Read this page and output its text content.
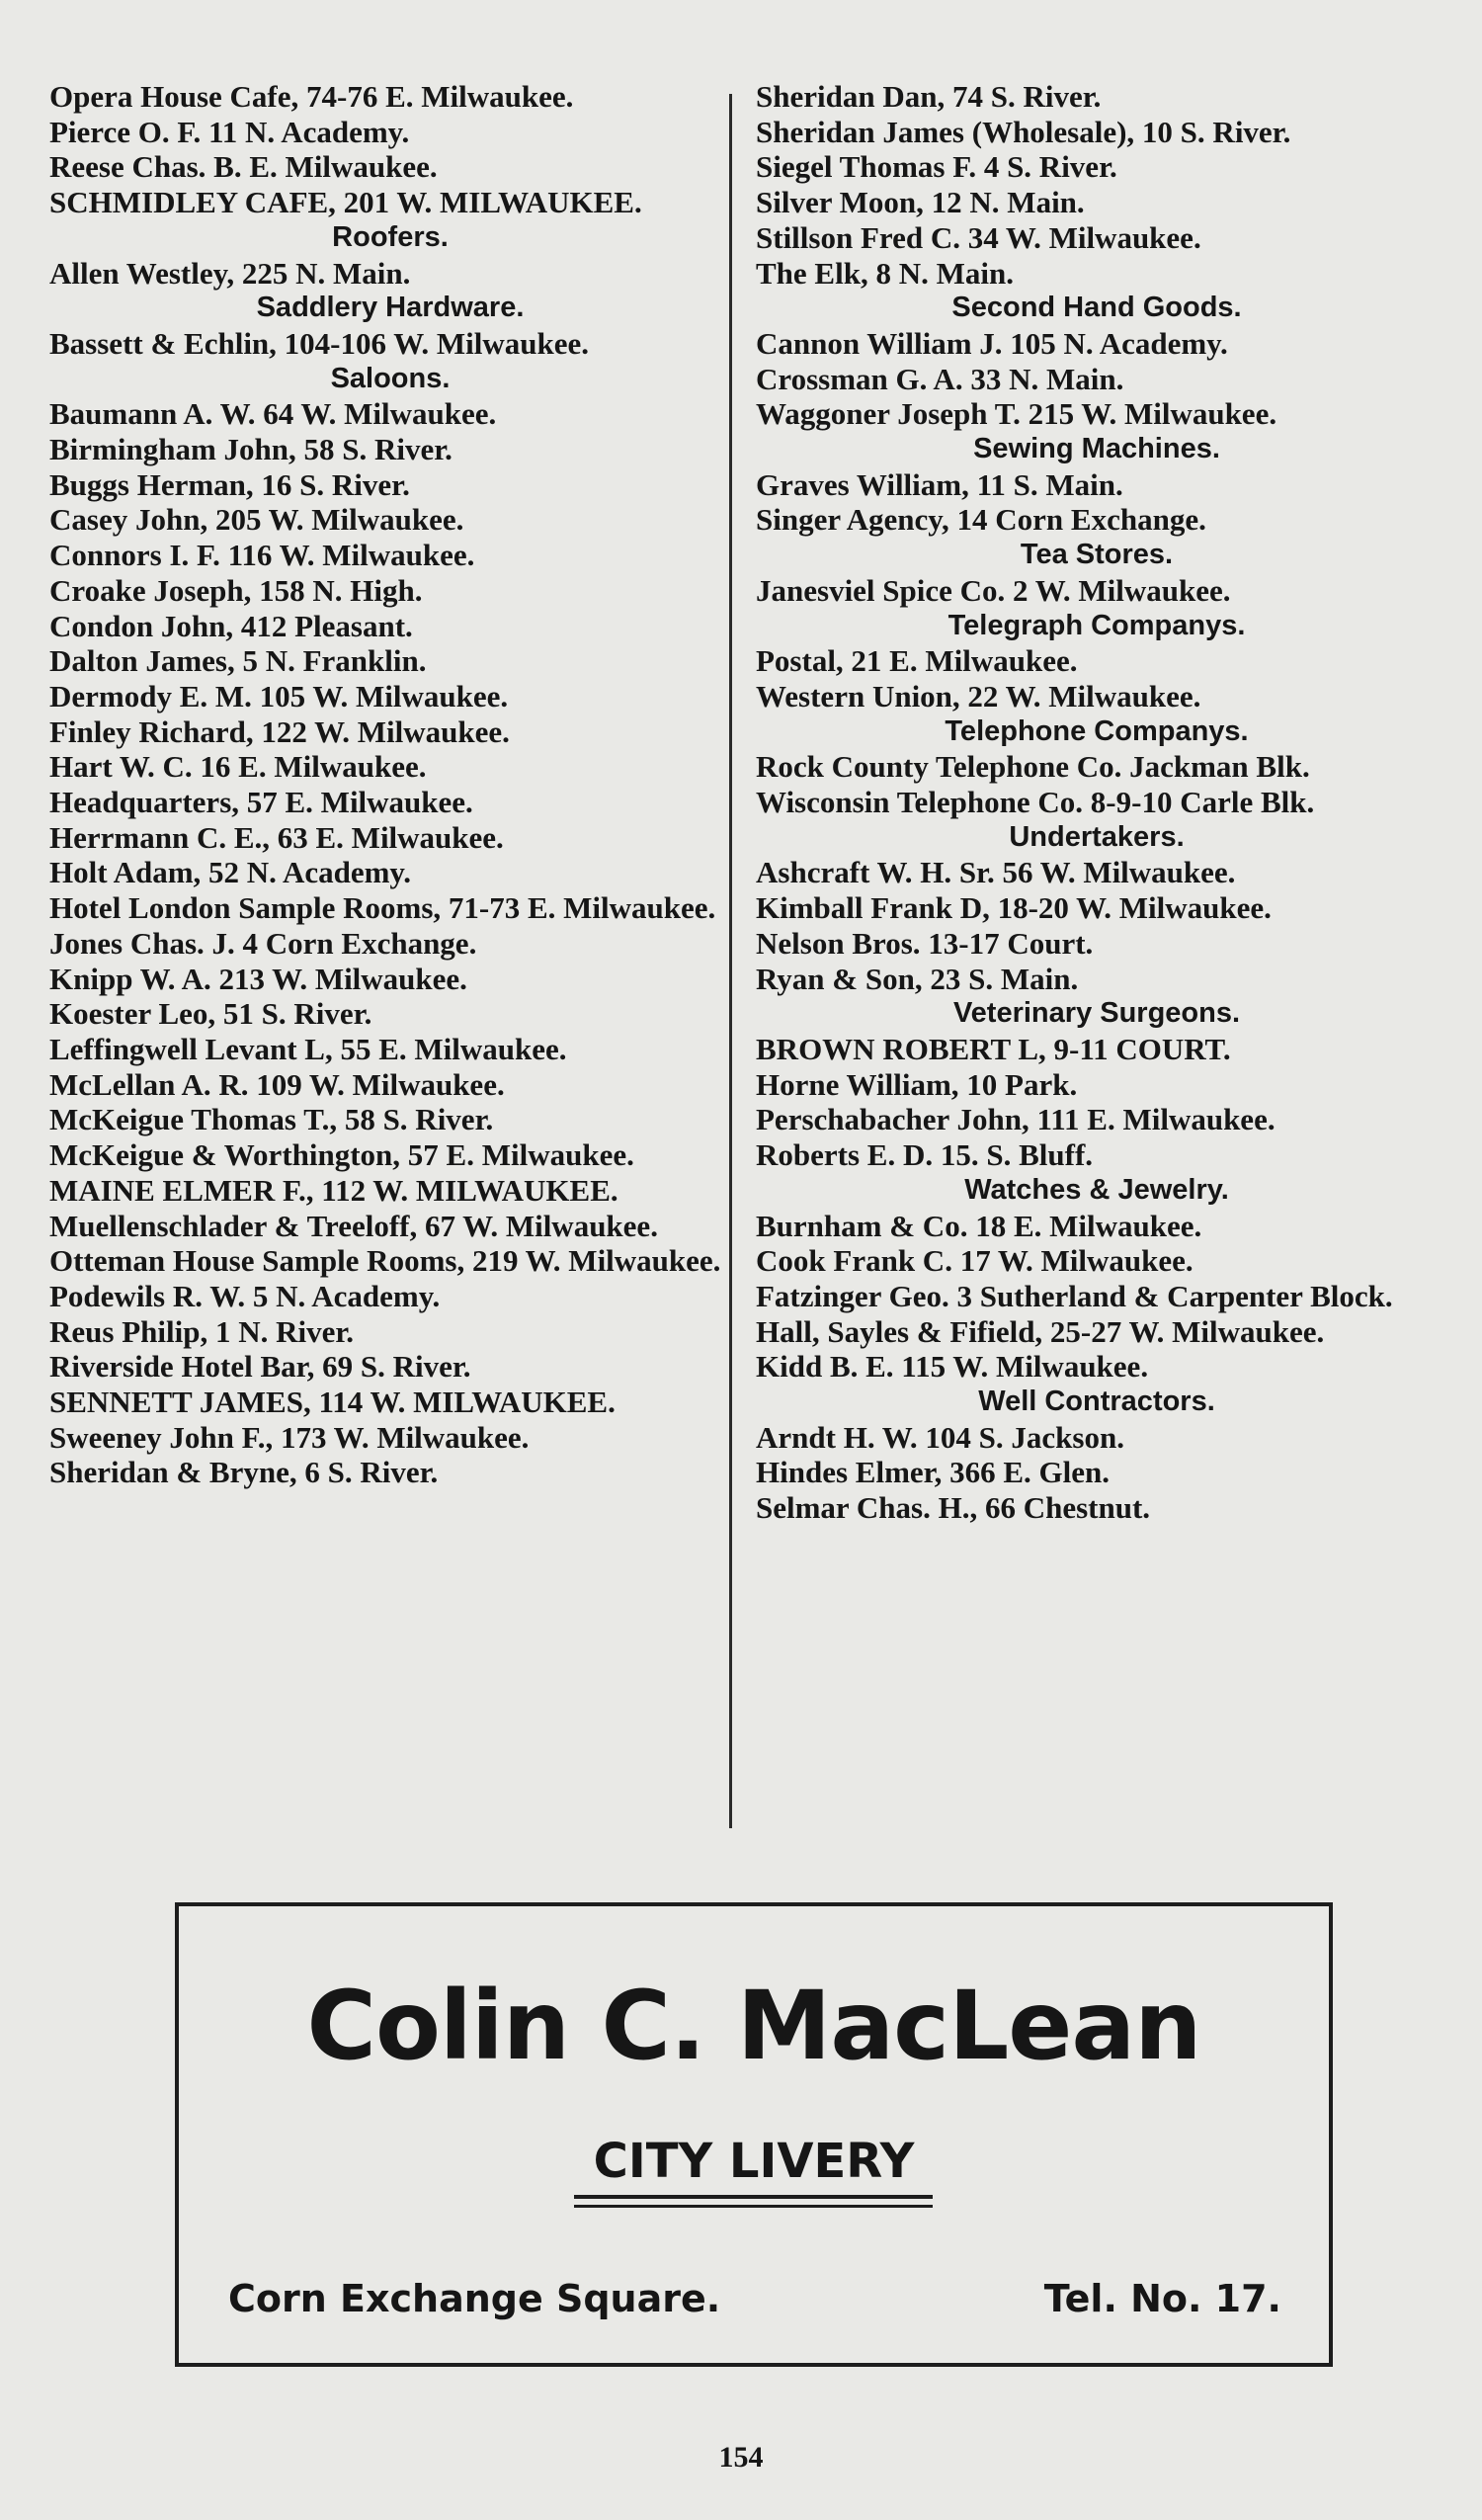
Opera House Cafe, 74-76 E. Milwaukee.
Pierce O. F. 11 N. Academy.
Reese Chas. B. E. Milwaukee.
SCHMIDLEY CAFE, 201 W. MILWAUKEE.
Roofers.
Allen Westley, 225 N. Main.
Saddlery Hardware.
Bassett & Echlin, 104-106 W. Milwaukee.
Saloons.
Baumann A. W. 64 W. Milwaukee.
Birmingham John, 58 S. River.
Buggs Herman, 16 S. River.
Casey John, 205 W. Milwaukee.
Connors I. F. 116 W. Milwaukee.
Croake Joseph, 158 N. High.
Condon John, 412 Pleasant.
Dalton James, 5 N. Franklin.
Dermody E. M. 105 W. Milwaukee.
Finley Richard, 122 W. Milwaukee.
Hart W. C. 16 E. Milwaukee.
Headquarters, 57 E. Milwaukee.
Herrmann C. E., 63 E. Milwaukee.
Holt Adam, 52 N. Academy.
Hotel London Sample Rooms, 71-73 E. Milwaukee.
Jones Chas. J. 4 Corn Exchange.
Knipp W. A. 213 W. Milwaukee.
Koester Leo, 51 S. River.
Leffingwell Levant L, 55 E. Milwaukee.
McLellan A. R. 109 W. Milwaukee.
McKeigue Thomas T., 58 S. River.
McKeigue & Worthington, 57 E. Milwaukee.
MAINE ELMER F., 112 W. MILWAUKEE.
Muellenschlader & Treeloff, 67 W. Milwaukee.
Otteman House Sample Rooms, 219 W. Milwaukee.
Podewils R. W. 5 N. Academy.
Reus Philip, 1 N. River.
Riverside Hotel Bar, 69 S. River.
SENNETT JAMES, 114 W. MILWAUKEE.
Sweeney John F., 173 W. Milwaukee.
Sheridan & Bryne, 6 S. River.
Sheridan Dan, 74 S. River.
Sheridan James (Wholesale), 10 S. River.
Siegel Thomas F. 4 S. River.
Silver Moon, 12 N. Main.
Stillson Fred C. 34 W. Milwaukee.
The Elk, 8 N. Main.
Second Hand Goods.
Cannon William J. 105 N. Academy.
Crossman G. A. 33 N. Main.
Waggoner Joseph T. 215 W. Milwaukee.
Sewing Machines.
Graves William, 11 S. Main.
Singer Agency, 14 Corn Exchange.
Tea Stores.
Janesviel Spice Co. 2 W. Milwaukee.
Telegraph Companys.
Postal, 21 E. Milwaukee.
Western Union, 22 W. Milwaukee.
Telephone Companys.
Rock County Telephone Co. Jackman Blk.
Wisconsin Telephone Co. 8-9-10 Carle Blk.
Undertakers.
Ashcraft W. H. Sr. 56 W. Milwaukee.
Kimball Frank D, 18-20 W. Milwaukee.
Nelson Bros. 13-17 Court.
Ryan & Son, 23 S. Main.
Veterinary Surgeons.
BROWN ROBERT L, 9-11 COURT.
Horne William, 10 Park.
Perschabacher John, 111 E. Milwaukee.
Roberts E. D. 15. S. Bluff.
Watches & Jewelry.
Burnham & Co. 18 E. Milwaukee.
Cook Frank C. 17 W. Milwaukee.
Fatzinger Geo. 3 Sutherland & Carpenter Block.
Hall, Sayles & Fifield, 25-27 W. Milwaukee.
Kidd B. E. 115 W. Milwaukee.
Well Contractors.
Arndt H. W. 104 S. Jackson.
Hindes Elmer, 366 E. Glen.
Selmar Chas. H., 66 Chestnut.
Colin C. MacLean
CITY LIVERY
Corn Exchange Square.	Tel. No. 17.
154
